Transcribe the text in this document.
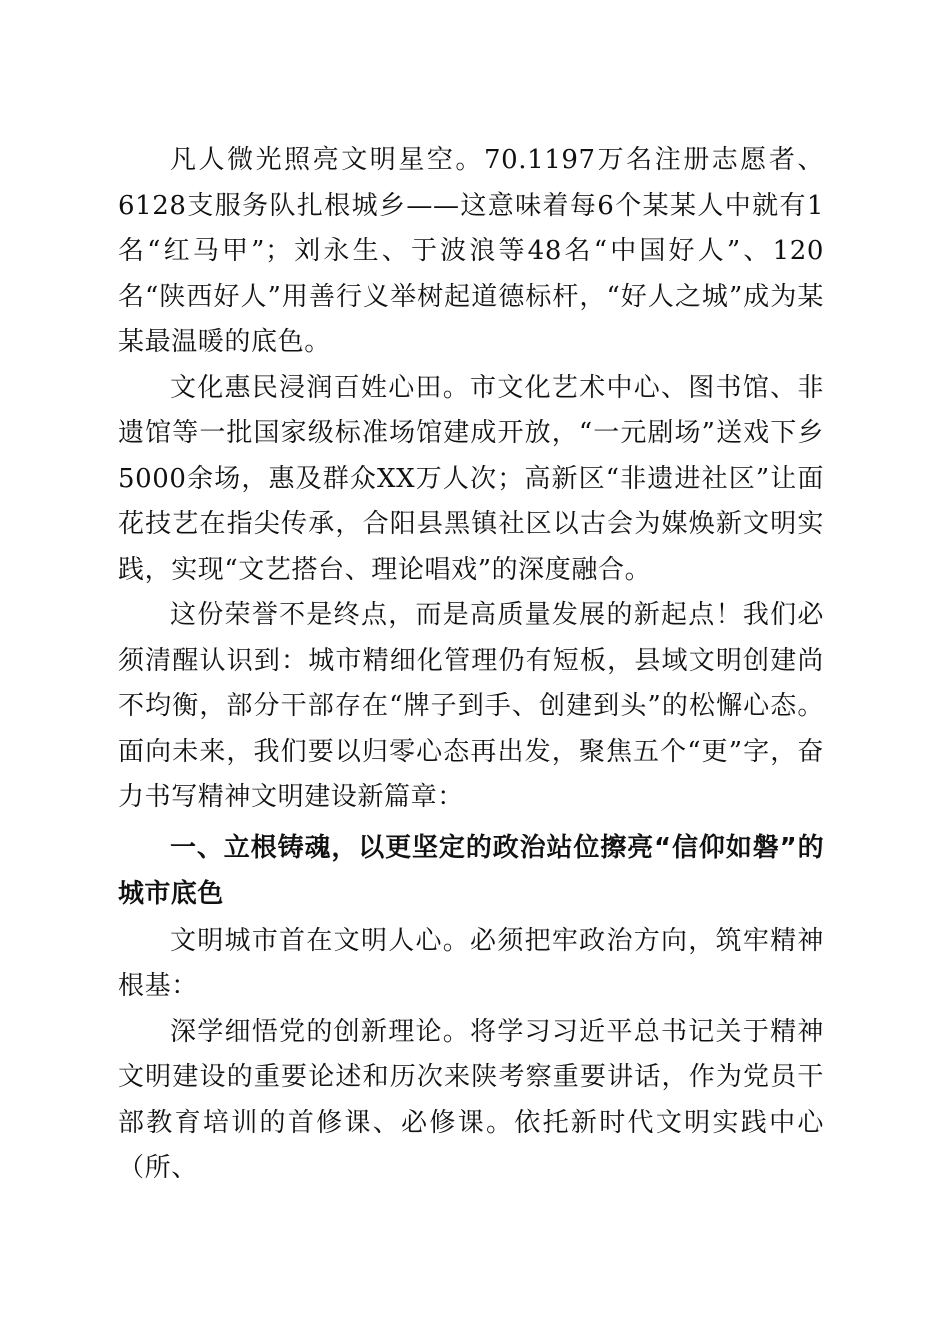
凡人微光照亮文明星空。70.1197万名注册志愿者、6128支服务队扎根城乡——这意味着每6个某某人中就有1名“红马甲”；刘永生、于波浪等48名“中国好人”、120名“陕西好人”用善行义举树起道德标杆，“好人之城”成为某某最温暖的底色。

文化惠民浸润百姓心田。市文化艺术中心、图书馆、非遗馆等一批国家级标准场馆建成开放，“一元剧场”送戏下乡5000余场，惠及群众XX万人次；高新区“非遗进社区”让面花技艺在指尖传承，合阳县黑镇社区以古会为媒焕新文明实践，实现“文艺搭台、理论唱戏”的深度融合。

这份荣誉不是终点，而是高质量发展的新起点！我们必须清醒认识到：城市精细化管理仍有短板，县域文明创建尚不均衡，部分干部存在“牌子到手、创建到头”的松懈心态。面向未来，我们要以归零心态再出发，聚焦五个“更”字，奋力书写精神文明建设新篇章：

一、立根铸魂，以更坚定的政治站位擦亮“信仰如磐”的城市底色

文明城市首在文明人心。必须把牢政治方向，筑牢精神根基：

深学细悟党的创新理论。将学习习近平总书记关于精神文明建设的重要论述和历次来陕考察重要讲话，作为党员干部教育培训的首修课、必修课。依托新时代文明实践中心（所、
